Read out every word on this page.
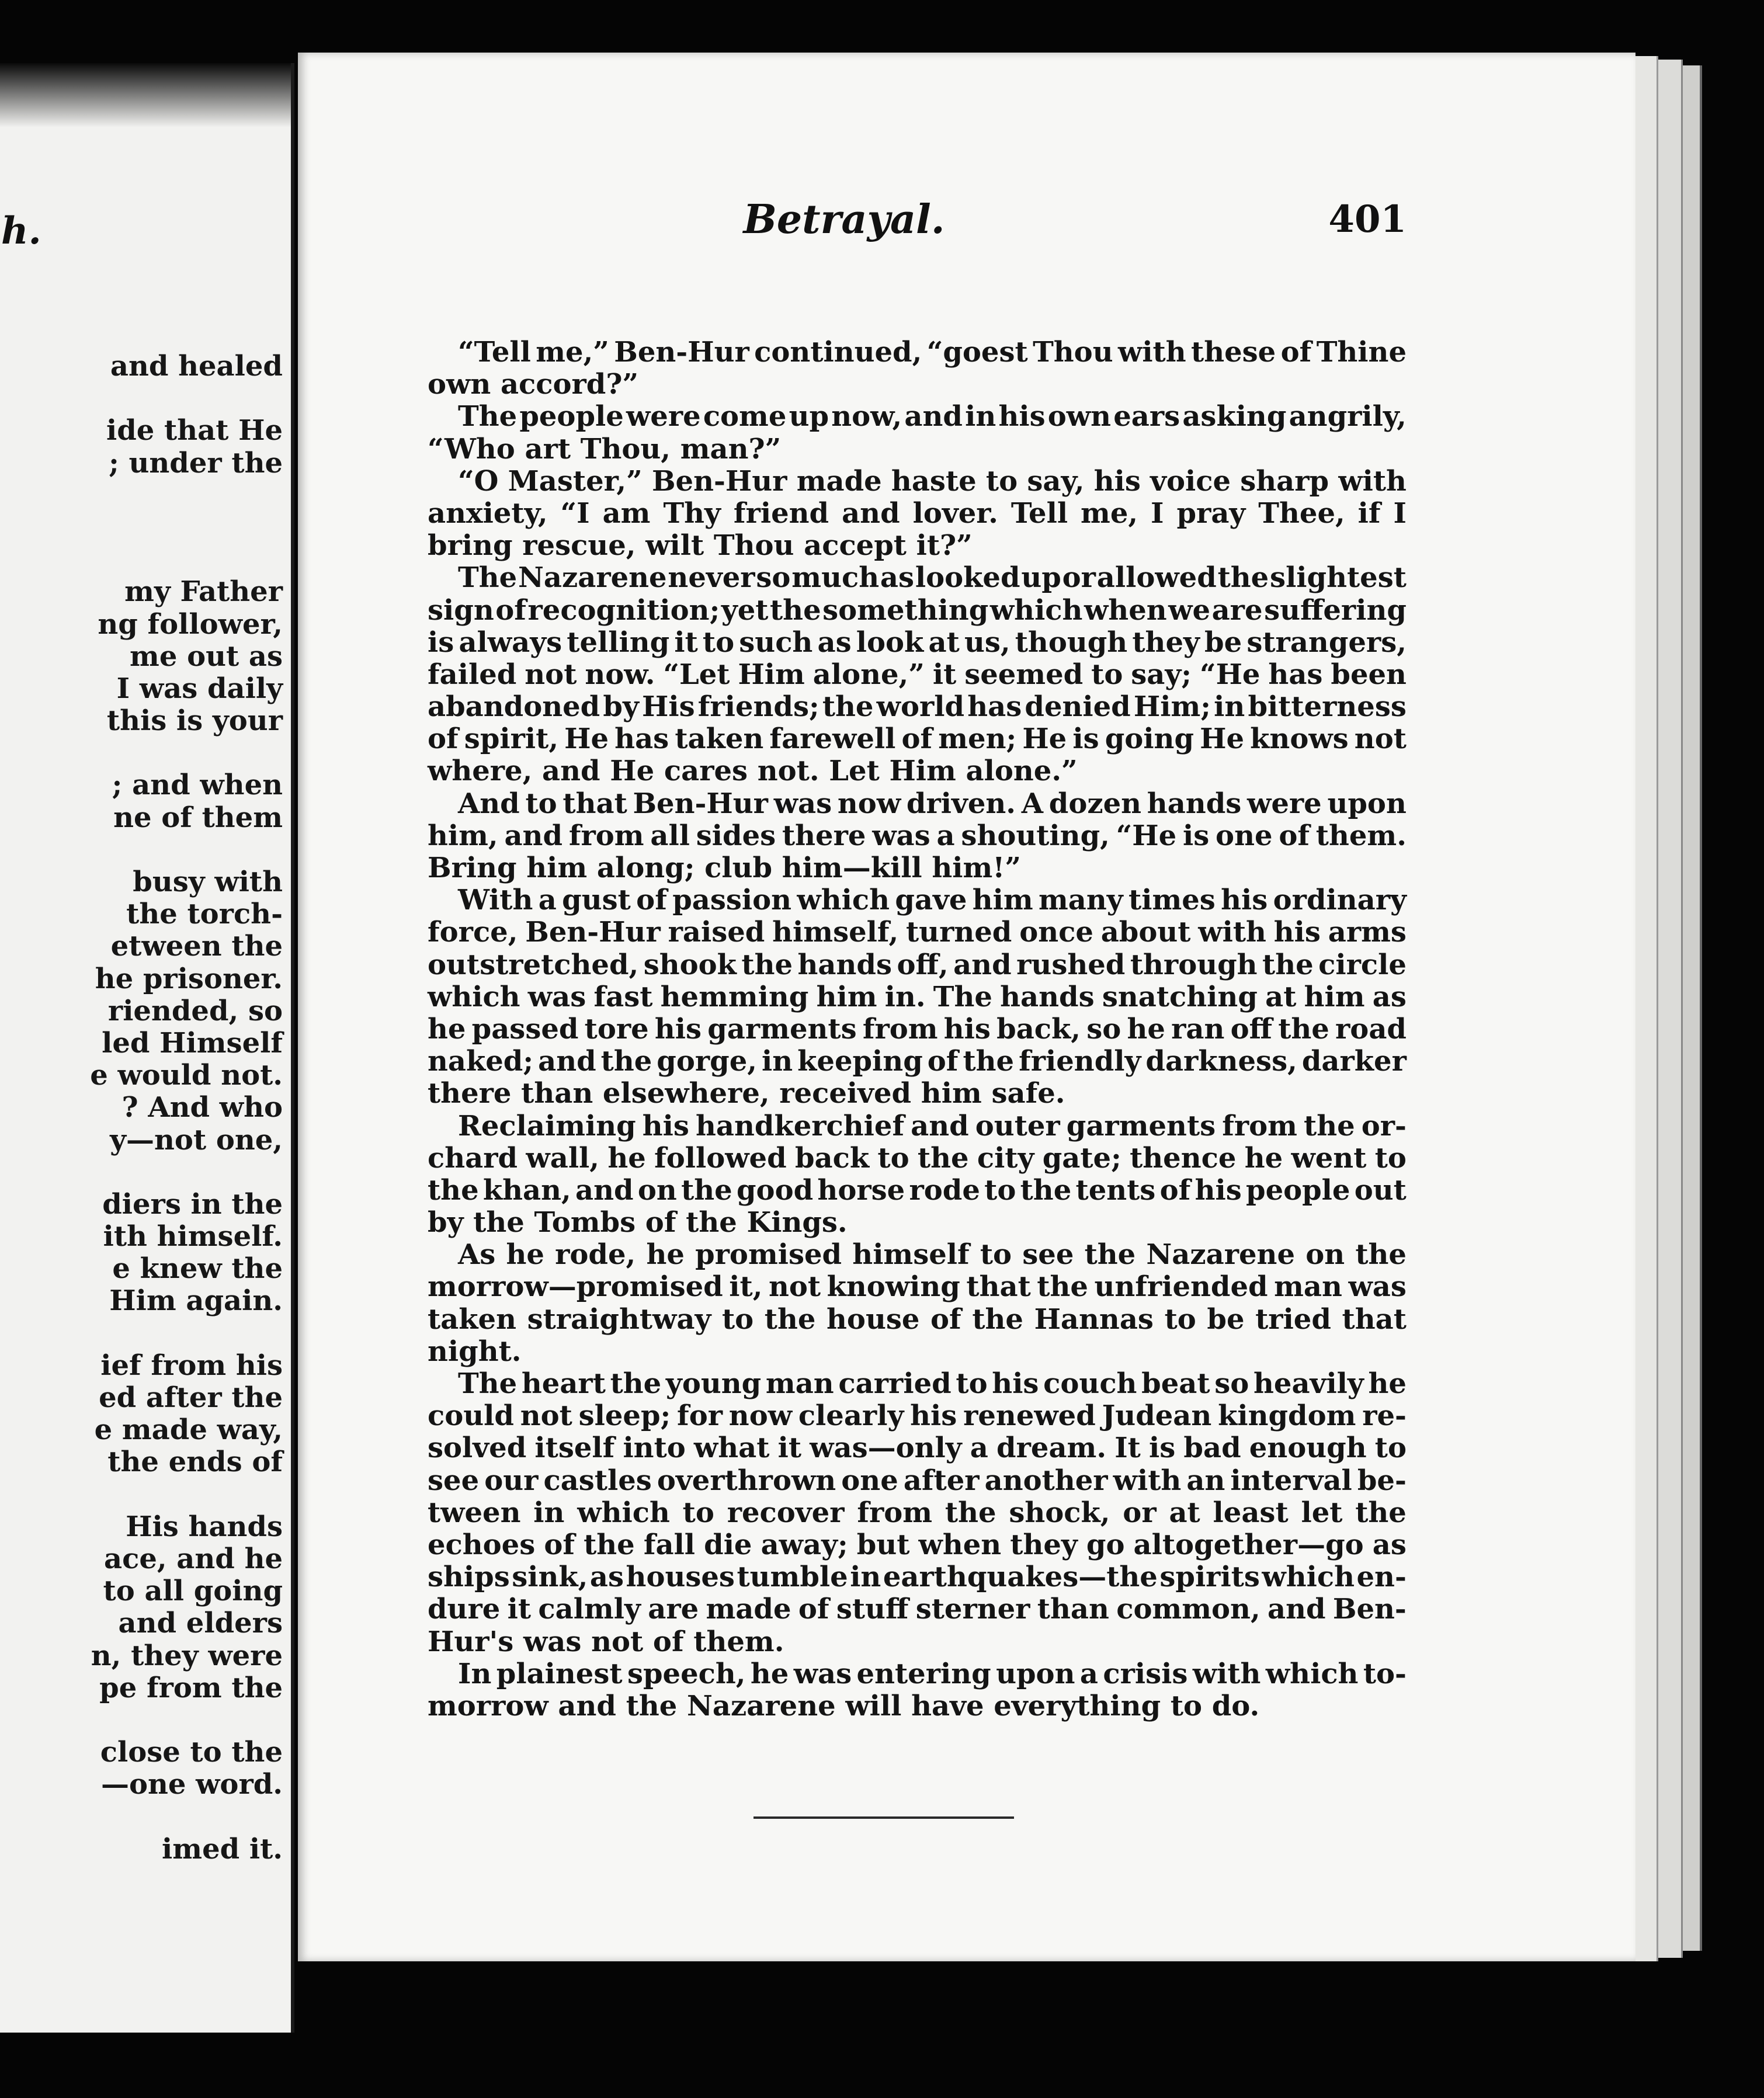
h.

and healed
ide that He
; under the
my Father
ng follower,
me out as
I was daily
this is your
; and when
ne of them
busy with
the torch-
etween the
he prisoner.
riended, so
led Himself
e would not.
? And who
y—not one,
diers in the
ith himself.
e knew the
Him again.
ief from his
ed after the
e made way,
the ends of
His hands
ace, and he
to all going
and elders
n, they were
pe from the
close to the
—one word.
imed it.
Betrayal.	401

“Tell me,” Ben-Hur continued, “goest Thou with these of Thine
own accord?”
The people were come up now, and in his own ears asking angrily,
“Who art Thou, man?”
“O Master,” Ben-Hur made haste to say, his voice sharp with
anxiety, “I am Thy friend and lover. Tell me, I pray Thee, if I
bring rescue, wilt Thou accept it?”
The Nazarene never so much as looked up or allowed the slightest
sign of recognition; yet the something which when we are suffering
is always telling it to such as look at us, though they be strangers,
failed not now. “Let Him alone,” it seemed to say; “He has been
abandoned by His friends; the world has denied Him; in bitterness
of spirit, He has taken farewell of men; He is going He knows not
where, and He cares not. Let Him alone.”
And to that Ben-Hur was now driven. A dozen hands were upon
him, and from all sides there was a shouting, “He is one of them.
Bring him along; club him—kill him!”
With a gust of passion which gave him many times his ordinary
force, Ben-Hur raised himself, turned once about with his arms
outstretched, shook the hands off, and rushed through the circle
which was fast hemming him in. The hands snatching at him as
he passed tore his garments from his back, so he ran off the road
naked; and the gorge, in keeping of the friendly darkness, darker
there than elsewhere, received him safe.
Reclaiming his handkerchief and outer garments from the or-
chard wall, he followed back to the city gate; thence he went to
the khan, and on the good horse rode to the tents of his people out
by the Tombs of the Kings.
As he rode, he promised himself to see the Nazarene on the
morrow—promised it, not knowing that the unfriended man was
taken straightway to the house of the Hannas to be tried that
night.
The heart the young man carried to his couch beat so heavily he
could not sleep; for now clearly his renewed Judean kingdom re-
solved itself into what it was—only a dream. It is bad enough to
see our castles overthrown one after another with an interval be-
tween in which to recover from the shock, or at least let the
echoes of the fall die away; but when they go altogether—go as
ships sink, as houses tumble in earthquakes—the spirits which en-
dure it calmly are made of stuff sterner than common, and Ben-
Hur's was not of them.
In plainest speech, he was entering upon a crisis with which to-
morrow and the Nazarene will have everything to do.
